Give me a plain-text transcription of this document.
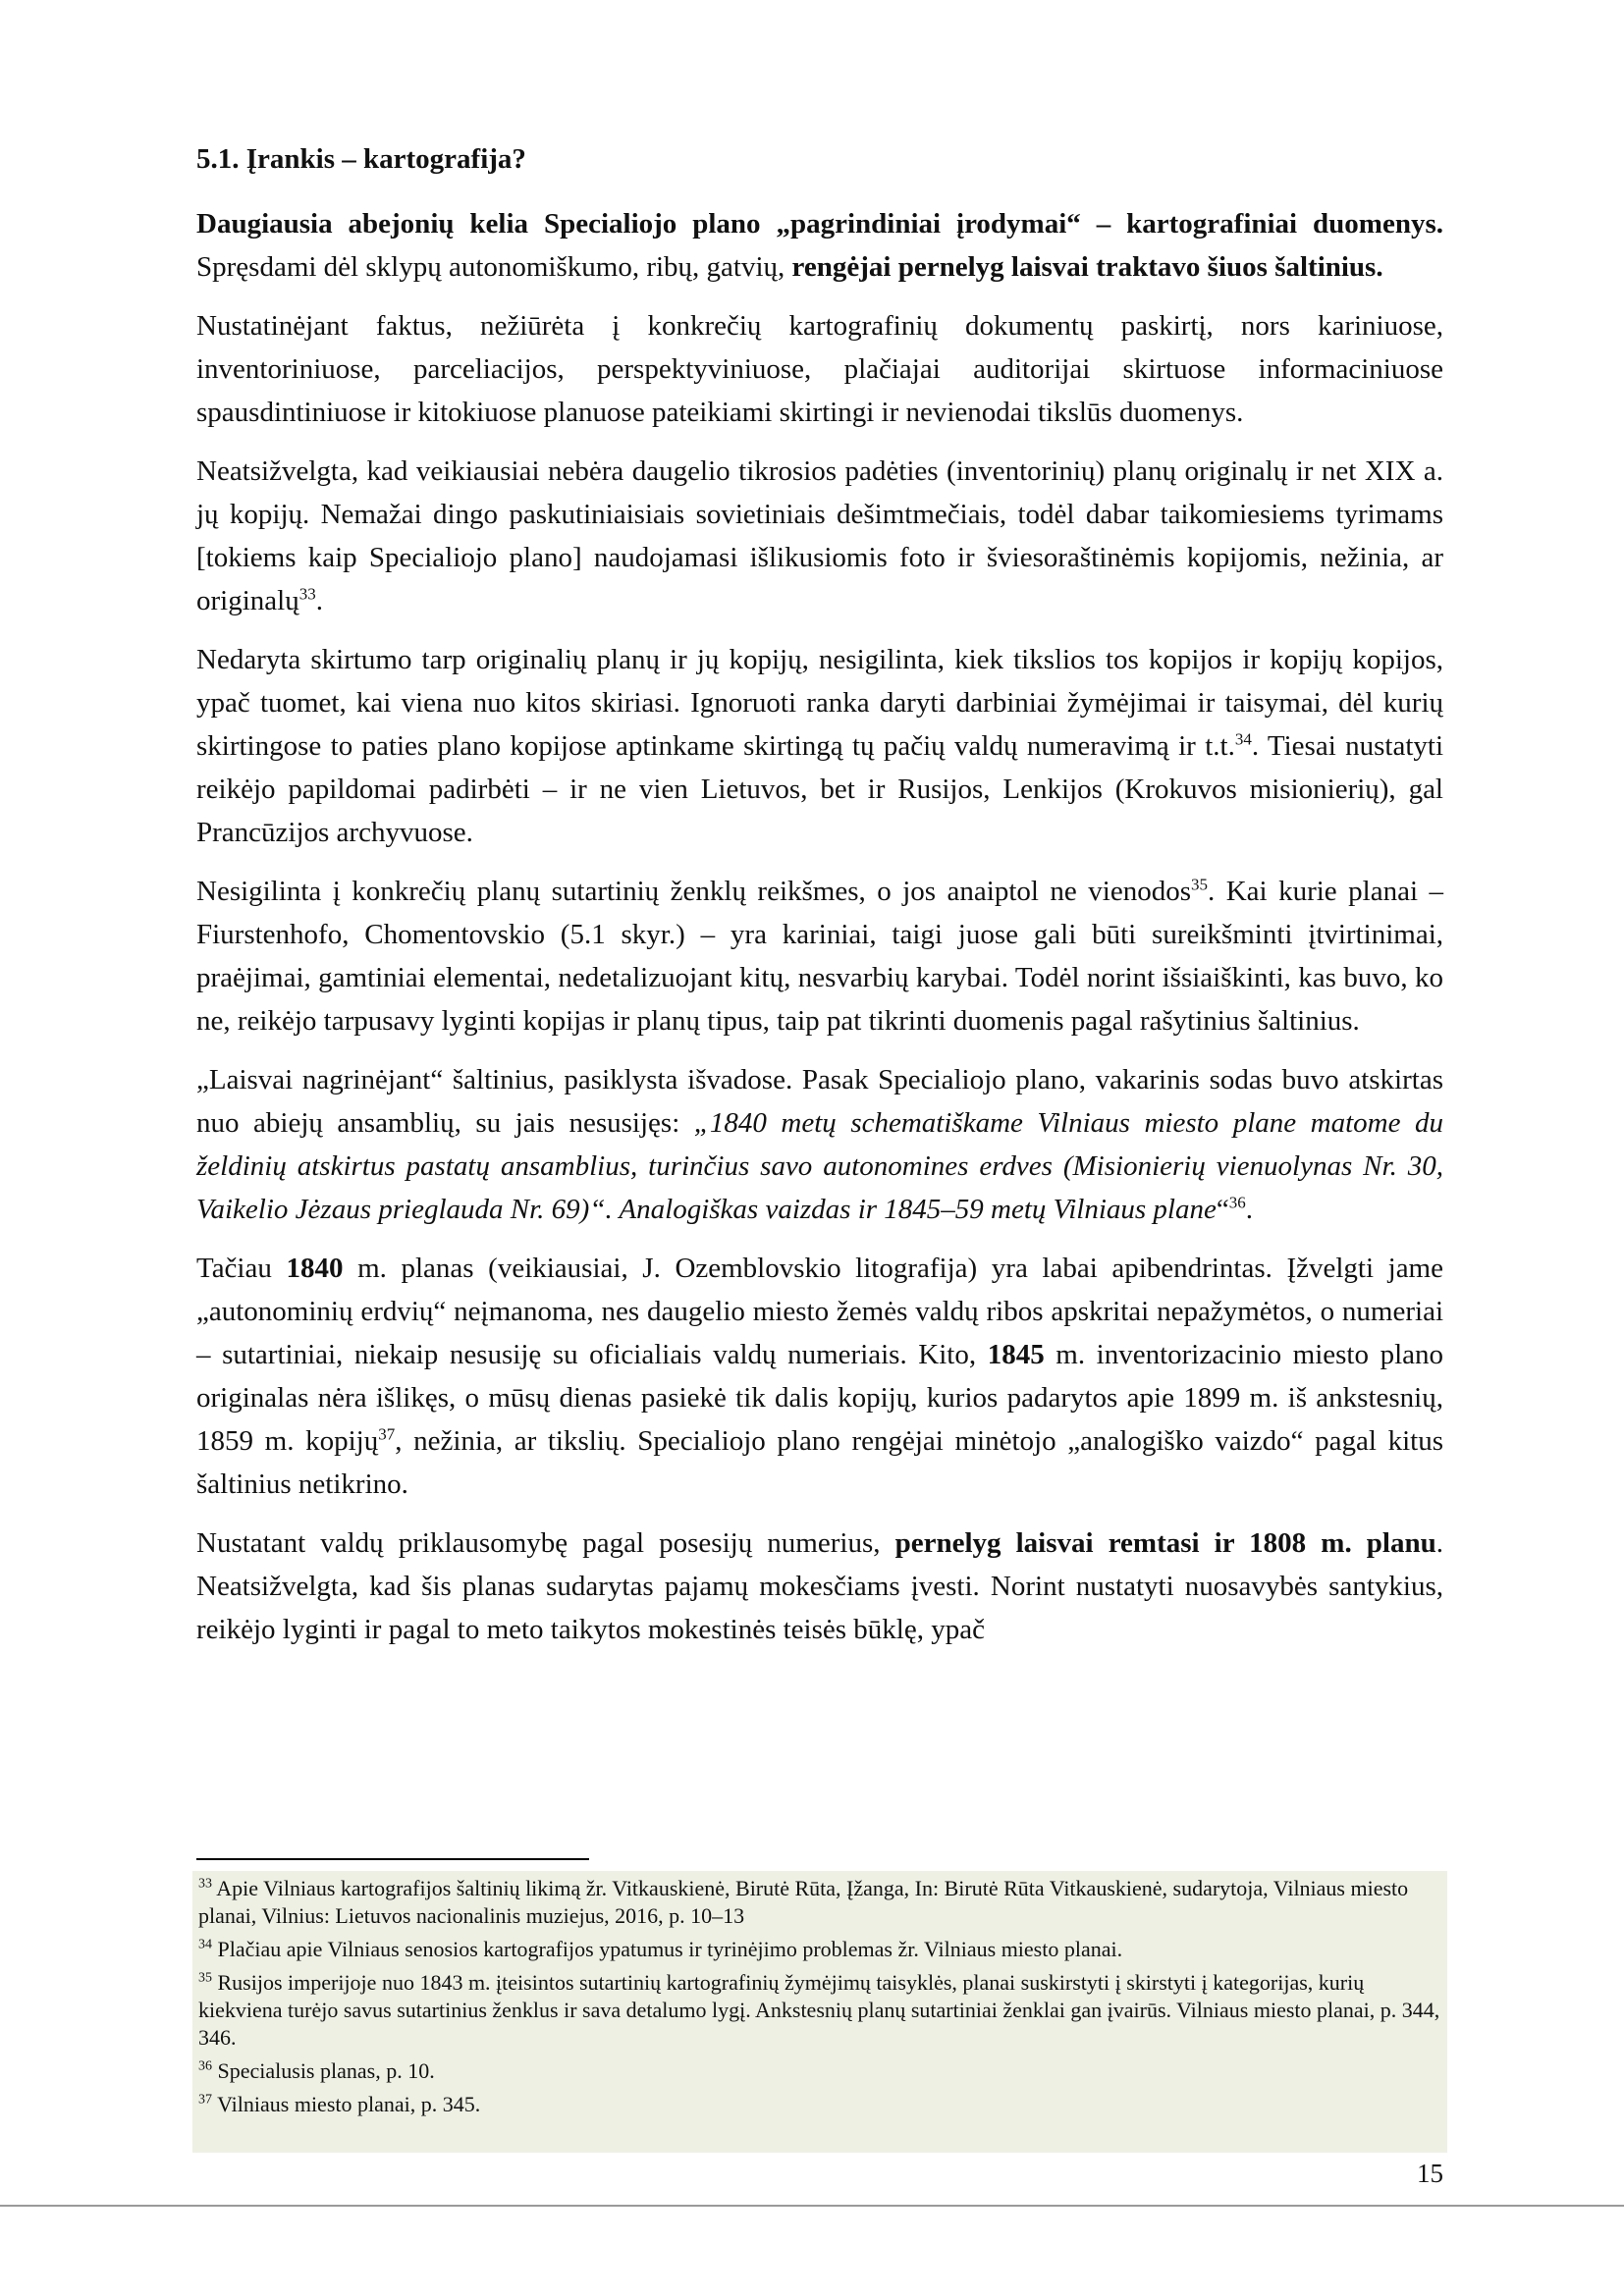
5.1. Įrankis – kartografija?

Daugiausia abejonių kelia Specialiojo plano „pagrindiniai įrodymai“ – kartografiniai duomenys. Spręsdami dėl sklypų autonomiškumo, ribų, gatvių, rengėjai pernelyg laisvai traktavo šiuos šaltinius.

Nustatinėjant faktus, nežiūrėta į konkrečių kartografinių dokumentų paskirtį, nors kariniuose, inventoriniuose, parceliacijos, perspektyviniuose, plačiajai auditorijai skirtuose informaciniuose spausdintiniuose ir kitokiuose planuose pateikiami skirtingi ir nevienodai tikslūs duomenys.

Neatsižvelgta, kad veikiausiai nebėra daugelio tikrosios padėties (inventorinių) planų originalų ir net XIX a. jų kopijų. Nemažai dingo paskutiniaisiais sovietiniais dešimtmečiais, todėl dabar taikomiesiems tyrimams [tokiems kaip Specialiojo plano] naudojamasi išlikusiomis foto ir šviesoraštinėmis kopijomis, nežinia, ar originalų$^{33}$.

Nedaryta skirtumo tarp originalių planų ir jų kopijų, nesigilinta, kiek tikslios tos kopijos ir kopijų kopijos, ypač tuomet, kai viena nuo kitos skiriasi. Ignoruoti ranka daryti darbiniai žymėjimai ir taisymai, dėl kurių skirtingose to paties plano kopijose aptinkame skirtingą tų pačių valdų numeravimą ir t.t.$^{34}$. Tiesai nustatyti reikėjo papildomai padirbėti – ir ne vien Lietuvos, bet ir Rusijos, Lenkijos (Krokuvos misionierių), gal Prancūzijos archyvuose.

Nesigilinta į konkrečių planų sutartinių ženklų reikšmes, o jos anaiptol ne vienodos$^{35}$. Kai kurie planai – Fiurstenhofo, Chomentovskio (5.1 skyr.) – yra kariniai, taigi juose gali būti sureikšminti įtvirtinimai, praėjimai, gamtiniai elementai, nedetalizuojant kitų, nesvarbių karybai. Todėl norint išsiaiškinti, kas buvo, ko ne, reikėjo tarpusavy lyginti kopijas ir planų tipus, taip pat tikrinti duomenis pagal rašytinius šaltinius.

„Laisvai nagrinėjant“ šaltinius, pasiklysta išvadose. Pasak Specialiojo plano, vakarinis sodas buvo atskirtas nuo abiejų ansamblių, su jais nesusijęs: „1840 metų schematiškame Vilniaus miesto plane matome du želdinių atskirtus pastatų ansamblius, turinčius savo autonomines erdves (Misionierių vienuolynas Nr. 30, Vaikelio Jėzaus prieglauda Nr. 69)“. Analogiškas vaizdas ir 1845–59 metų Vilniaus plane“$^{36}$.

Tačiau 1840 m. planas (veikiausiai, J. Ozemblovskio litografija) yra labai apibendrintas. Įžvelgti jame „autonominių erdvių“ neįmanoma, nes daugelio miesto žemės valdų ribos apskritai nepažymėtos, o numeriai – sutartiniai, niekaip nesusiję su oficialiais valdų numeriais. Kito, 1845 m. inventorizacinio miesto plano originalas nėra išlikęs, o mūsų dienas pasiekė tik dalis kopijų, kurios padarytos apie 1899 m. iš ankstesnių, 1859 m. kopijų$^{37}$, nežinia, ar tikslių. Specialiojo plano rengėjai minėtojo „analogiško vaizdo“ pagal kitus šaltinius netikrino.

Nustatant valdų priklausomybę pagal posesijų numerius, pernelyg laisvai remtasi ir 1808 m. planu. Neatsižvelgta, kad šis planas sudarytas pajamų mokesčiams įvesti. Norint nustatyti nuosavybės santykius, reikėjo lyginti ir pagal to meto taikytos mokestinės teisės būklę, ypač

$^{33}$ Apie Vilniaus kartografijos šaltinių likimą žr. Vitkauskienė, Birutė Rūta, Įžanga, In: Birutė Rūta Vitkauskienė, sudarytoja, Vilniaus miesto planai, Vilnius: Lietuvos nacionalinis muziejus, 2016, p. 10–13

$^{34}$ Plačiau apie Vilniaus senosios kartografijos ypatumus ir tyrinėjimo problemas žr. Vilniaus miesto planai.

$^{35}$ Rusijos imperijoje nuo 1843 m. įteisintos sutartinių kartografinių žymėjimų taisyklės, planai suskirstyti į skirstyti į kategorijas, kurių kiekviena turėjo savus sutartinius ženklus ir sava detalumo lygį. Ankstesnių planų sutartiniai ženklai gan įvairūs. Vilniaus miesto planai, p. 344, 346.

$^{36}$ Specialusis planas, p. 10.

$^{37}$ Vilniaus miesto planai, p. 345.

15
